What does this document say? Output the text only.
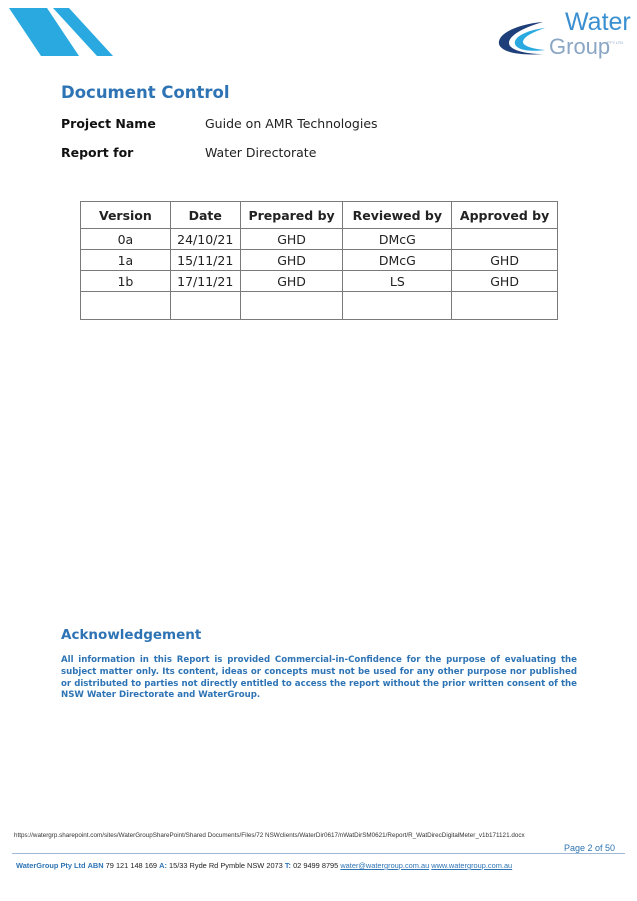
Water
Group
PTY LTD
Document Control
Project Name	Guide on AMR Technologies
Report for	Water Directorate
Version	Date	Prepared by	Reviewed by	Approved by
0a	24/10/21	GHD	DMcG	
1a	15/11/21	GHD	DMcG	GHD
1b	17/11/21	GHD	LS	GHD

Acknowledgement
All information in this Report is provided Commercial-in-Confidence for the purpose of evaluating the subject matter only. Its content, ideas or concepts must not be used for any other purpose nor published or distributed to parties not directly entitled to access the report without the prior written consent of the NSW Water Directorate and WaterGroup.
https://watergrp.sharepoint.com/sites/WaterGroupSharePoint/Shared Documents/Files/72 NSWclients/WaterDir0617/nWatDirSM0621/Report/R_WatDirecDigitalMeter_v1b171121.docx
Page 2 of 50
WaterGroup Pty Ltd ABN 79 121 148 169 A: 15/33 Ryde Rd Pymble NSW 2073 T: 02 9499 8795 water@watergroup.com.au www.watergroup.com.au
